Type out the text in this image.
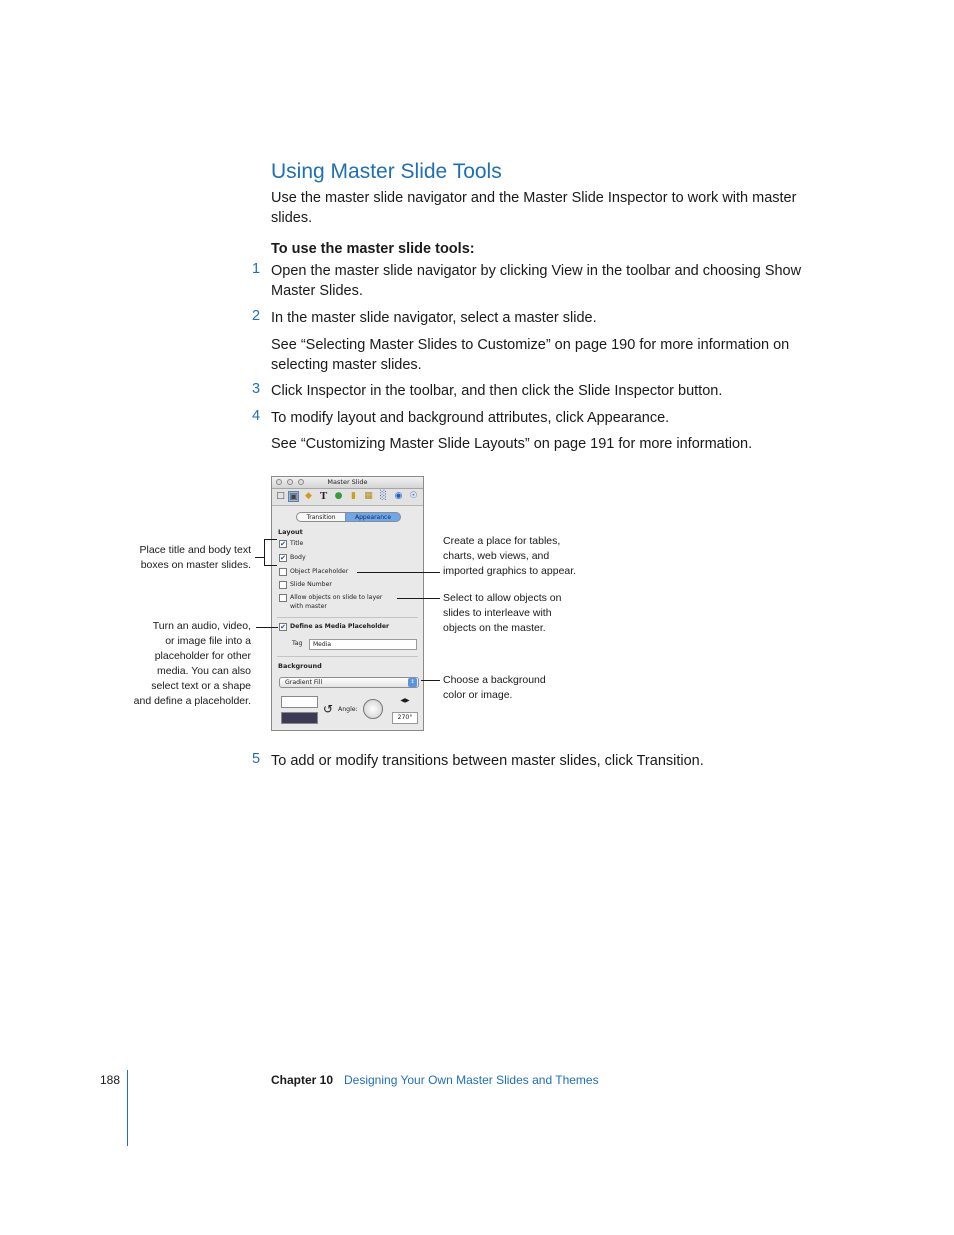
Using Master Slide Tools
Use the master slide navigator and the Master Slide Inspector to work with master slides.
To use the master slide tools:
1 Open the master slide navigator by clicking View in the toolbar and choosing Show Master Slides.
2 In the master slide navigator, select a master slide.
See “Selecting Master Slides to Customize” on page 190 for more information on selecting master slides.
3 Click Inspector in the toolbar, and then click the Slide Inspector button.
4 To modify layout and background attributes, click Appearance.
See “Customizing Master Slide Layouts” on page 191 for more information.
Master Slide
□ ▣ ◆ T ● ▮ ▦ ░ ◉ ☉
Transition	Appearance
Layout
✔ Title
✔ Body
Object Placeholder
Slide Number
Allow objects on slide to layer
with master
✔ Define as Media Placeholder
Tag	Media
Background
Gradient Fill	↕
↺ Angle:
◀▶
270°
Place title and body text
boxes on master slides.
Turn an audio, video,
or image file into a
placeholder for other
media. You can also
select text or a shape
and define a placeholder.
Create a place for tables,
charts, web views, and
imported graphics to appear.
Select to allow objects on
slides to interleave with
objects on the master.
Choose a background
color or image.
5 To add or modify transitions between master slides, click Transition.
188	Chapter 10 Designing Your Own Master Slides and Themes
